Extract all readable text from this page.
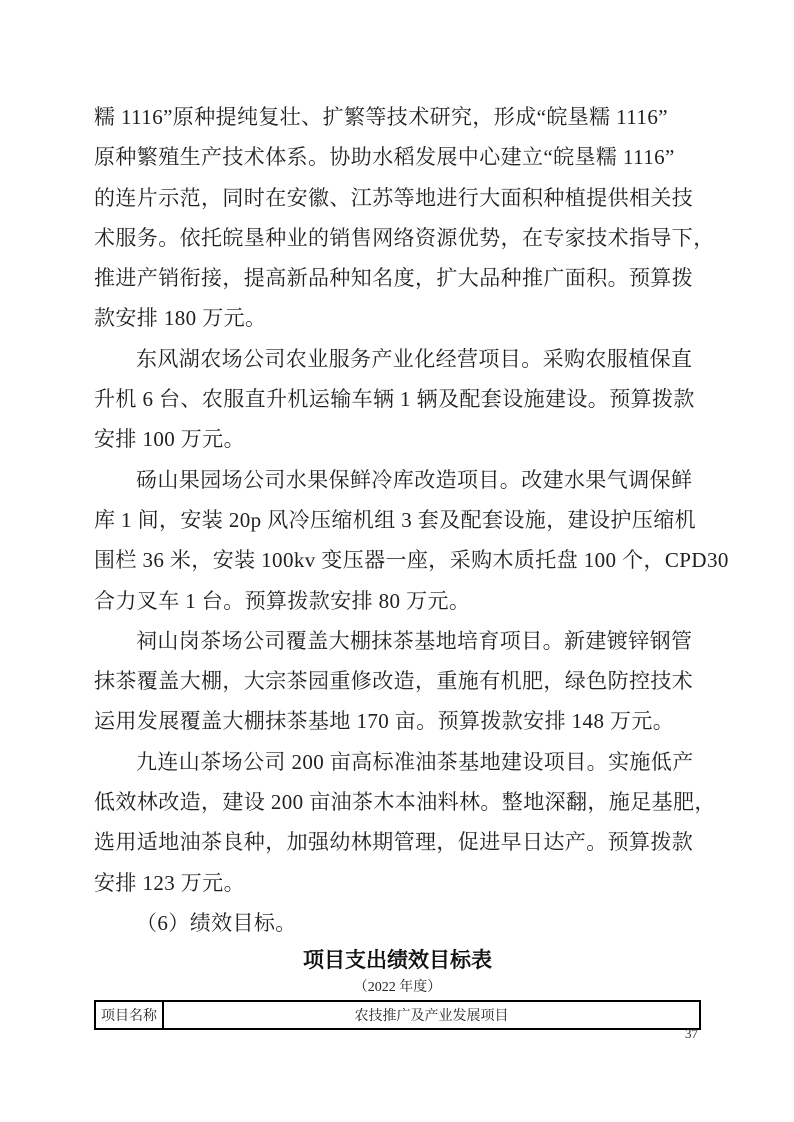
糯 1116”原种提纯复壮、扩繁等技术研究，形成“皖垦糯 1116”
原种繁殖生产技术体系。协助水稻发展中心建立“皖垦糯 1116”
的连片示范，同时在安徽、江苏等地进行大面积种植提供相关技
术服务。依托皖垦种业的销售网络资源优势，在专家技术指导下，
推进产销衔接，提高新品种知名度，扩大品种推广面积。预算拨
款安排 180 万元。
东风湖农场公司农业服务产业化经营项目。采购农服植保直
升机 6 台、农服直升机运输车辆 1 辆及配套设施建设。预算拨款
安排 100 万元。
砀山果园场公司水果保鲜冷库改造项目。改建水果气调保鲜
库 1 间，安装 20p 风冷压缩机组 3 套及配套设施，建设护压缩机
围栏 36 米，安装 100kv 变压器一座，采购木质托盘 100 个，CPD30
合力叉车 1 台。预算拨款安排 80 万元。
祠山岗茶场公司覆盖大棚抹茶基地培育项目。新建镀锌钢管
抹茶覆盖大棚，大宗茶园重修改造，重施有机肥，绿色防控技术
运用发展覆盖大棚抹茶基地 170 亩。预算拨款安排 148 万元。
九连山茶场公司 200 亩高标准油茶基地建设项目。实施低产
低效林改造，建设 200 亩油茶木本油料林。整地深翻，施足基肥，
选用适地油茶良种，加强幼林期管理，促进早日达产。预算拨款
安排 123 万元。
（6）绩效目标。
项目支出绩效目标表
（2022 年度）
项目名称	农技推广及产业发展项目
37
